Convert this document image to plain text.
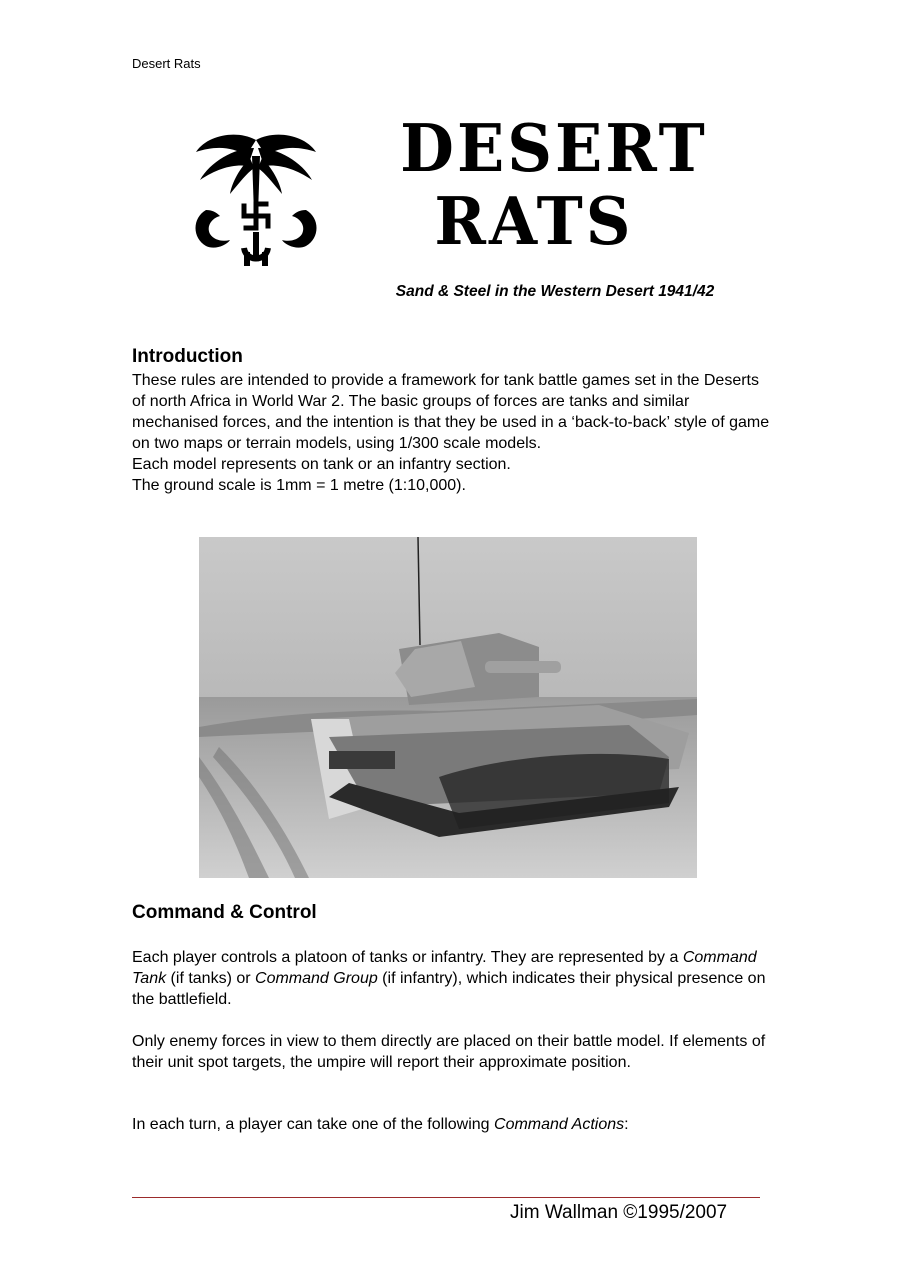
Desert Rats
DESERT
RATS
Sand & Steel in the Western Desert 1941/42
Introduction

These rules are intended to provide a framework for tank battle games set in the Deserts of north Africa in World War 2. The basic groups of forces are tanks and similar mechanised forces, and the intention is that they be used in a ‘back-to-back’ style of game on two maps or terrain models, using 1/300 scale models.

Each model represents on tank or an infantry section.

The ground scale is 1mm = 1 metre (1:10,000).

Command & Control

Each player controls a platoon of tanks or infantry. They are represented by a Command Tank (if tanks) or Command Group (if infantry), which indicates their physical presence on the battlefield.

Only enemy forces in view to them directly are placed on their battle model. If elements of their unit spot targets, the umpire will report their approximate position.

In each turn, a player can take one of the following Command Actions:

Jim Wallman ©1995/2007
